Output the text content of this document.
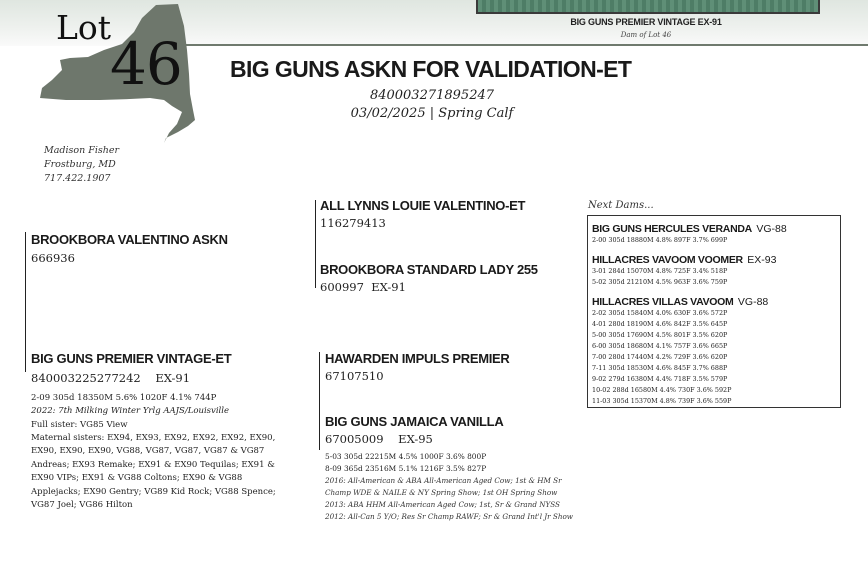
BIG GUNS PREMIER VINTAGE EX-91
Dam of Lot 46
Lot
46 BIG GUNS ASKN FOR VALIDATION-ET
840003271895247
03/02/2025 | Spring Calf
Madison Fisher
Frostburg, MD
717.422.1907
BROOKBORA VALENTINO ASKN
666936
ALL LYNNS LOUIE VALENTINO-ET
116279413
BROOKBORA STANDARD LADY 255
600997 EX-91
BIG GUNS PREMIER VINTAGE-ET
840003225277242 EX-91
2-09 305d 18350M 5.6% 1020F 4.1% 744P
2022: 7th Milking Winter Yrlg AAJS/Louisville
Full sister: VG85 View
Maternal sisters: EX94, EX93, EX92, EX92, EX92, EX90, EX90, EX90, EX90, VG88, VG87, VG87, VG87 & VG87 Andreas; EX93 Remake; EX91 & EX90 Tequilas; EX91 & EX90 VIPs; EX91 & VG88 Coltons; EX90 & VG88 Applejacks; EX90 Gentry; VG89 Kid Rock; VG88 Spence; VG87 Joel; VG86 Hilton
HAWARDEN IMPULS PREMIER
67107510
BIG GUNS JAMAICA VANILLA
67005009 EX-95
5-03 305d 22215M 4.5% 1000F 3.6% 800P
8-09 365d 23516M 5.1% 1216F 3.5% 827P
2016: All-American & ABA All-American Aged Cow; 1st & HM Sr
Champ WDE & NAILE & NY Spring Show; 1st OH Spring Show
2013: ABA HHM All-American Aged Cow; 1st, Sr & Grand NYSS
2012: All-Can 5 Y/O; Res Sr Champ RAWF; Sr & Grand Int'l Jr Show
Next Dams...
BIG GUNS HERCULES VERANDA VG-88
2-00 305d 18880M 4.8% 897F 3.7% 699P
HILLACRES VAVOOM VOOMER EX-93
3-01 284d 15070M 4.8% 725F 3.4% 518P
5-02 305d 21210M 4.5% 963F 3.6% 759P
HILLACRES VILLAS VAVOOM VG-88
2-02 305d 15840M 4.0% 630F 3.6% 572P
4-01 280d 18190M 4.6% 842F 3.5% 645P
5-00 305d 17690M 4.5% 801F 3.5% 620P
6-00 305d 18680M 4.1% 757F 3.6% 665P
7-00 280d 17440M 4.2% 729F 3.6% 620P
7-11 305d 18530M 4.6% 845F 3.7% 688P
9-02 279d 16380M 4.4% 718F 3.5% 579P
10-02 288d 16580M 4.4% 730F 3.6% 592P
11-03 305d 15370M 4.8% 739F 3.6% 559P
